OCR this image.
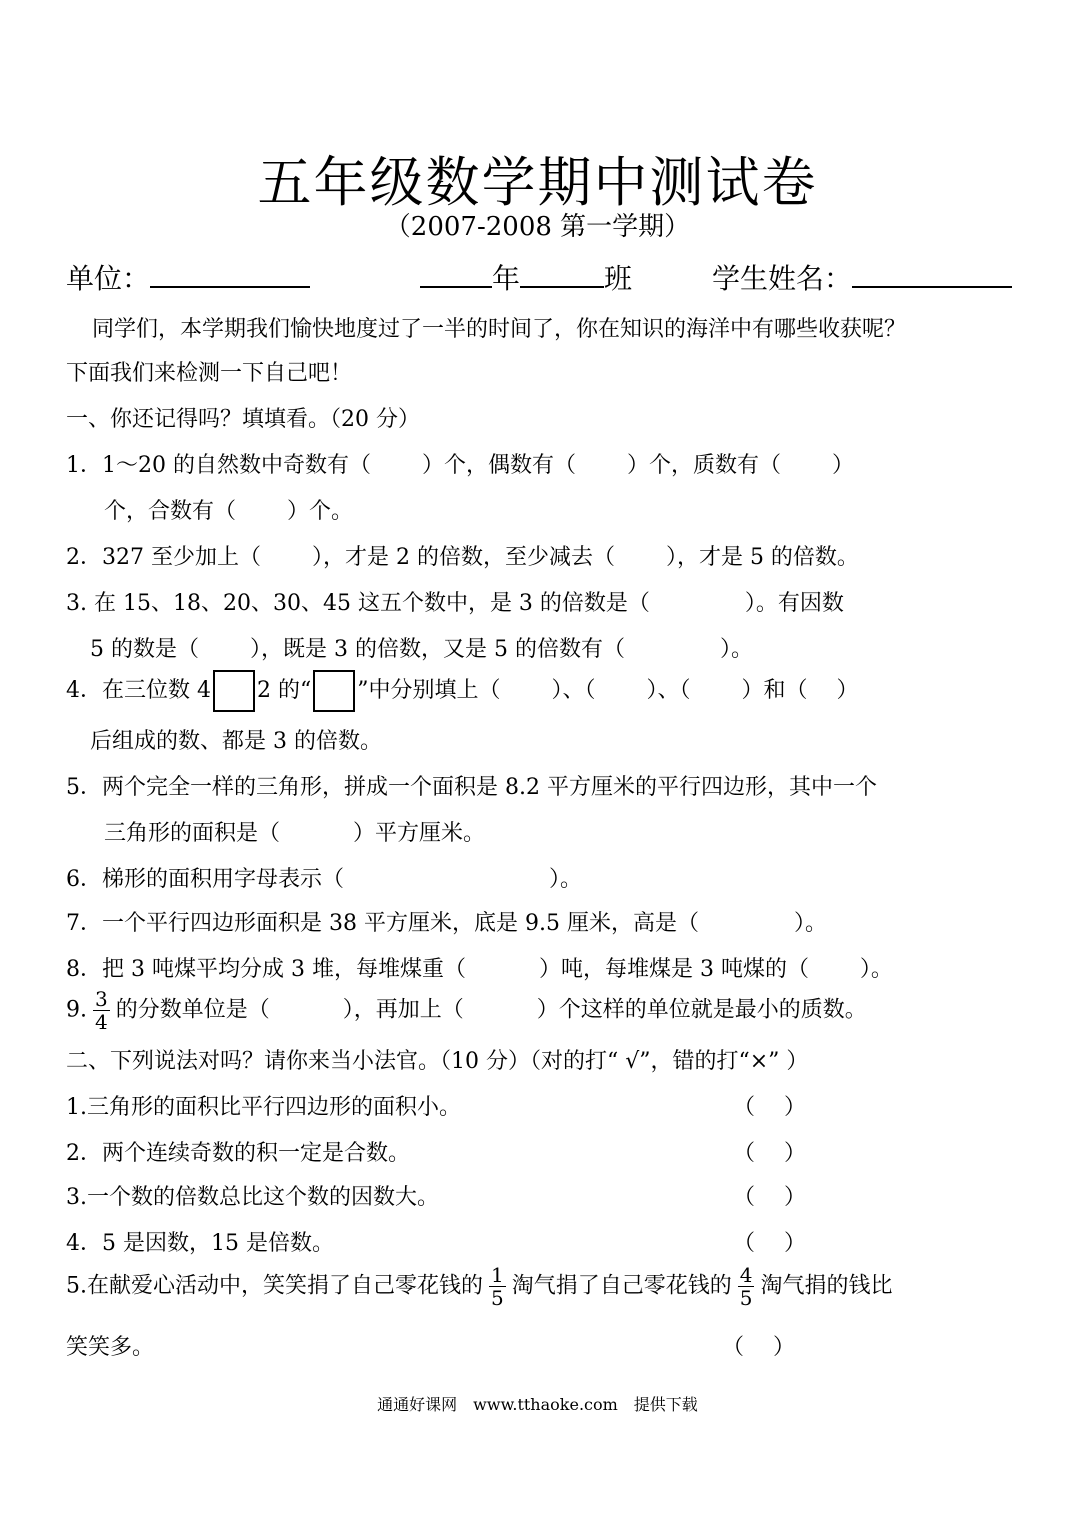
五年级数学期中测试卷
（2007-2008 第一学期）
单位：	年	班	学生姓名：
同学们，本学期我们愉快地度过了一半的时间了，你在知识的海洋中有哪些收获呢？
下面我们来检测一下自己吧！
一、你还记得吗？填填看。（20 分）
1．1～20 的自然数中奇数有（　　 ）个，偶数有（　　 ）个，质数有（　　 ）
个，合数有（　　 ）个。
2．327 至少加上（　　 ），才是 2 的倍数，至少减去（　　 ），才是 5 的倍数。
3. 在 15、18、20、30、45 这五个数中，是 3 的倍数是（　　　　 ）。有因数
5 的数是（　　 ），既是 3 的倍数，又是 5 的倍数有（　　　　 ）。
4．在三位数 4 2 的“ ”中分别填上（　　 ）、（　　 ）、（　　 ）和（　 ）
后组成的数、都是 3 的倍数。
5．两个完全一样的三角形，拼成一个面积是 8.2 平方厘米的平行四边形，其中一个
三角形的面积是（　　　 ）平方厘米。
6．梯形的面积用字母表示（　　　　　　　　　 ）。
7．一个平行四边形面积是 38 平方厘米，底是 9.5 厘米，高是（　　　　 ）。
8．把 3 吨煤平均分成 3 堆，每堆煤重（　　　 ）吨，每堆煤是 3 吨煤的（　　 ）。
9. $\frac{3}{4}$ 的分数单位是（　　　 ），再加上（　　　 ）个这样的单位就是最小的质数。
二、下列说法对吗？请你来当小法官。（10 分）（对的打“ √”，错的打“×” ）
1.三角形的面积比平行四边形的面积小。	（　 ）
2．两个连续奇数的积一定是合数。	（　 ）
3.一个数的倍数总比这个数的因数大。	（　 ）
4．5 是因数，15 是倍数。	（　 ）
5.在献爱心活动中，笑笑捐了自己零花钱的 $\frac{1}{5}$ 淘气捐了自己零花钱的 $\frac{4}{5}$ 淘气捐的钱比
笑笑多。	（　 ）
通通好课网　www.tthaoke.com　提供下载
